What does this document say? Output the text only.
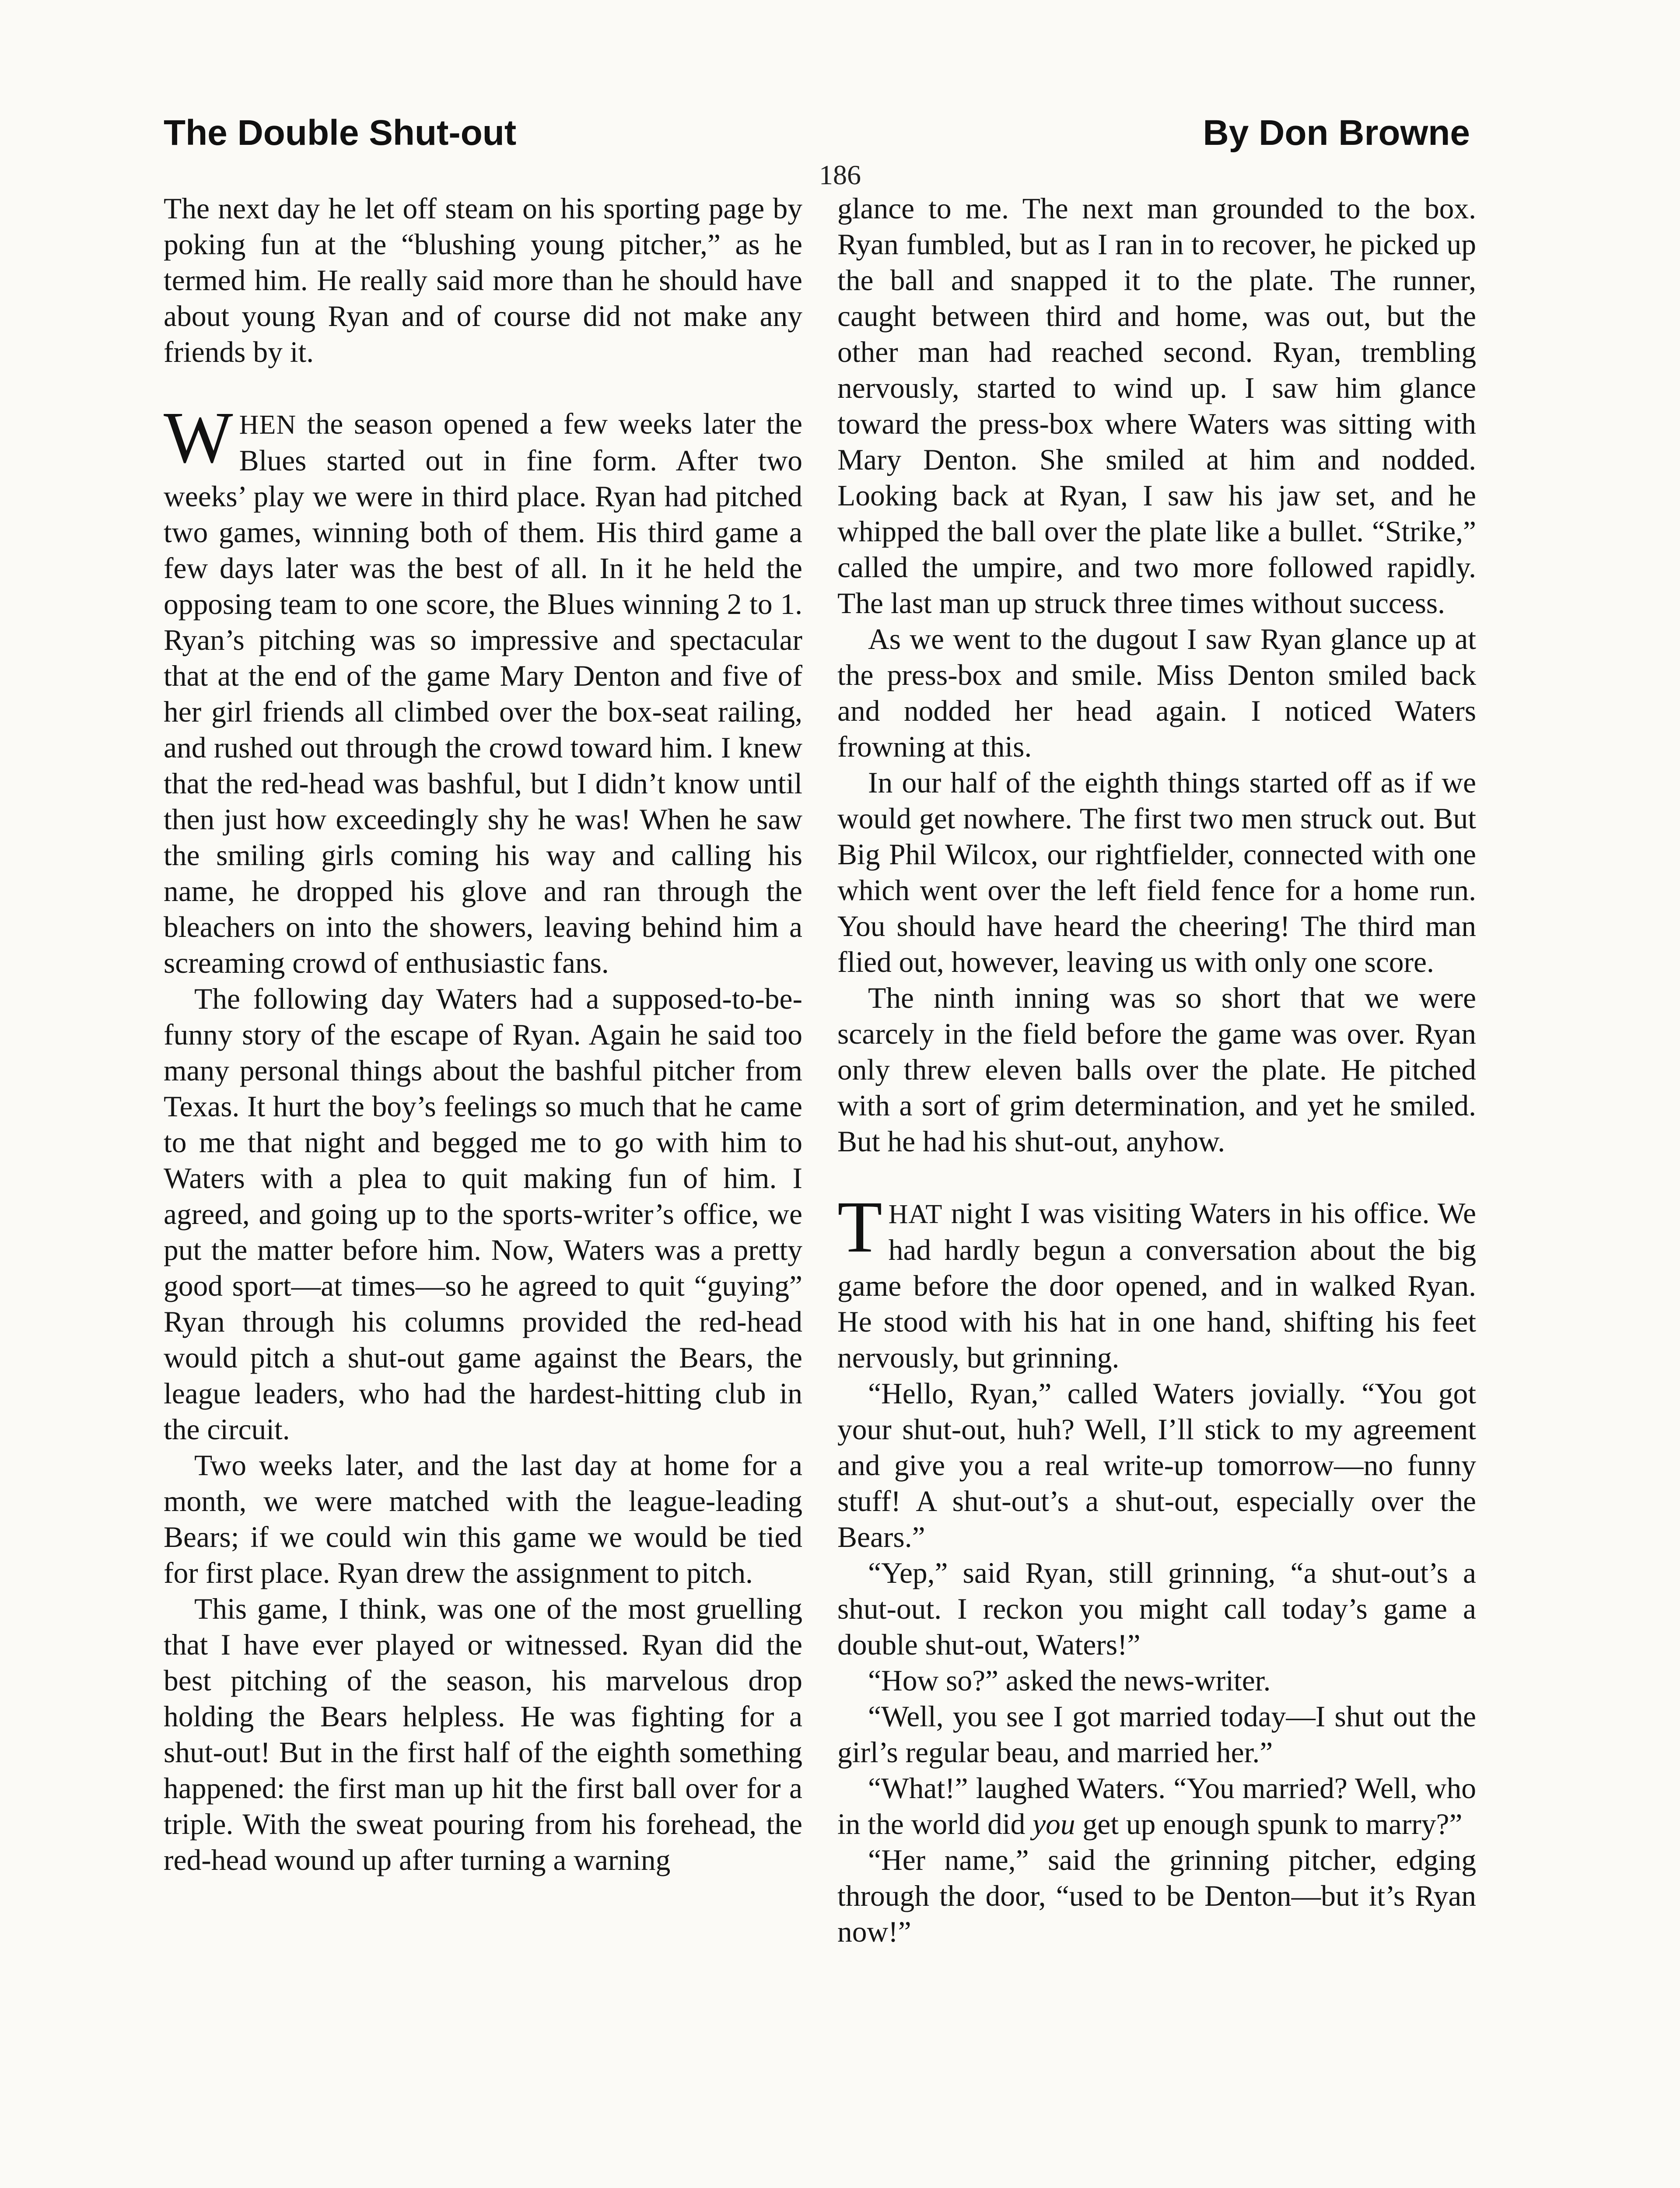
The Double Shut-out	By Don Browne
186

The next day he let off steam on his sporting page by poking fun at the “blushing young pitcher,” as he termed him. He really said more than he should have about young Ryan and of course did not make any friends by it.

WHEN the season opened a few weeks later the Blues started out in fine form. After two weeks’ play we were in third place. Ryan had pitched two games, winning both of them. His third game a few days later was the best of all. In it he held the opposing team to one score, the Blues winning 2 to 1. Ryan’s pitching was so impressive and spectacular that at the end of the game Mary Denton and five of her girl friends all climbed over the box-seat railing, and rushed out through the crowd toward him. I knew that the red-head was bashful, but I didn’t know until then just how exceedingly shy he was! When he saw the smiling girls coming his way and calling his name, he dropped his glove and ran through the bleachers on into the showers, leaving behind him a screaming crowd of enthusiastic fans.

The following day Waters had a supposed-to-be-funny story of the escape of Ryan. Again he said too many personal things about the bashful pitcher from Texas. It hurt the boy’s feelings so much that he came to me that night and begged me to go with him to Waters with a plea to quit making fun of him. I agreed, and going up to the sports-writer’s office, we put the matter before him. Now, Waters was a pretty good sport—at times—so he agreed to quit “guying” Ryan through his columns provided the red-head would pitch a shut-out game against the Bears, the league leaders, who had the hardest-hitting club in the circuit.

Two weeks later, and the last day at home for a month, we were matched with the league-leading Bears; if we could win this game we would be tied for first place. Ryan drew the assignment to pitch.

This game, I think, was one of the most gruelling that I have ever played or witnessed. Ryan did the best pitching of the season, his marvelous drop holding the Bears helpless. He was fighting for a shut-out! But in the first half of the eighth something happened: the first man up hit the first ball over for a triple. With the sweat pouring from his forehead, the red-head wound up after turning a warning

glance to me. The next man grounded to the box. Ryan fumbled, but as I ran in to recover, he picked up the ball and snapped it to the plate. The runner, caught between third and home, was out, but the other man had reached second. Ryan, trembling nervously, started to wind up. I saw him glance toward the press-box where Waters was sitting with Mary Denton. She smiled at him and nodded. Looking back at Ryan, I saw his jaw set, and he whipped the ball over the plate like a bullet. “Strike,” called the umpire, and two more followed rapidly. The last man up struck three times without success.

As we went to the dugout I saw Ryan glance up at the press-box and smile. Miss Denton smiled back and nodded her head again. I noticed Waters frowning at this.

In our half of the eighth things started off as if we would get nowhere. The first two men struck out. But Big Phil Wilcox, our rightfielder, connected with one which went over the left field fence for a home run. You should have heard the cheering! The third man flied out, however, leaving us with only one score.

The ninth inning was so short that we were scarcely in the field before the game was over. Ryan only threw eleven balls over the plate. He pitched with a sort of grim determination, and yet he smiled. But he had his shut-out, anyhow.

THAT night I was visiting Waters in his office. We had hardly begun a conversation about the big game before the door opened, and in walked Ryan. He stood with his hat in one hand, shifting his feet nervously, but grinning.

“Hello, Ryan,” called Waters jovially. “You got your shut-out, huh? Well, I’ll stick to my agreement and give you a real write-up tomorrow—no funny stuff! A shut-out’s a shut-out, especially over the Bears.”

“Yep,” said Ryan, still grinning, “a shut-out’s a shut-out. I reckon you might call today’s game a double shut-out, Waters!”

“How so?” asked the news-writer.

“Well, you see I got married today—I shut out the girl’s regular beau, and married her.”

“What!” laughed Waters. “You married? Well, who in the world did you get up enough spunk to marry?”

“Her name,” said the grinning pitcher, edging through the door, “used to be Denton—but it’s Ryan now!”
